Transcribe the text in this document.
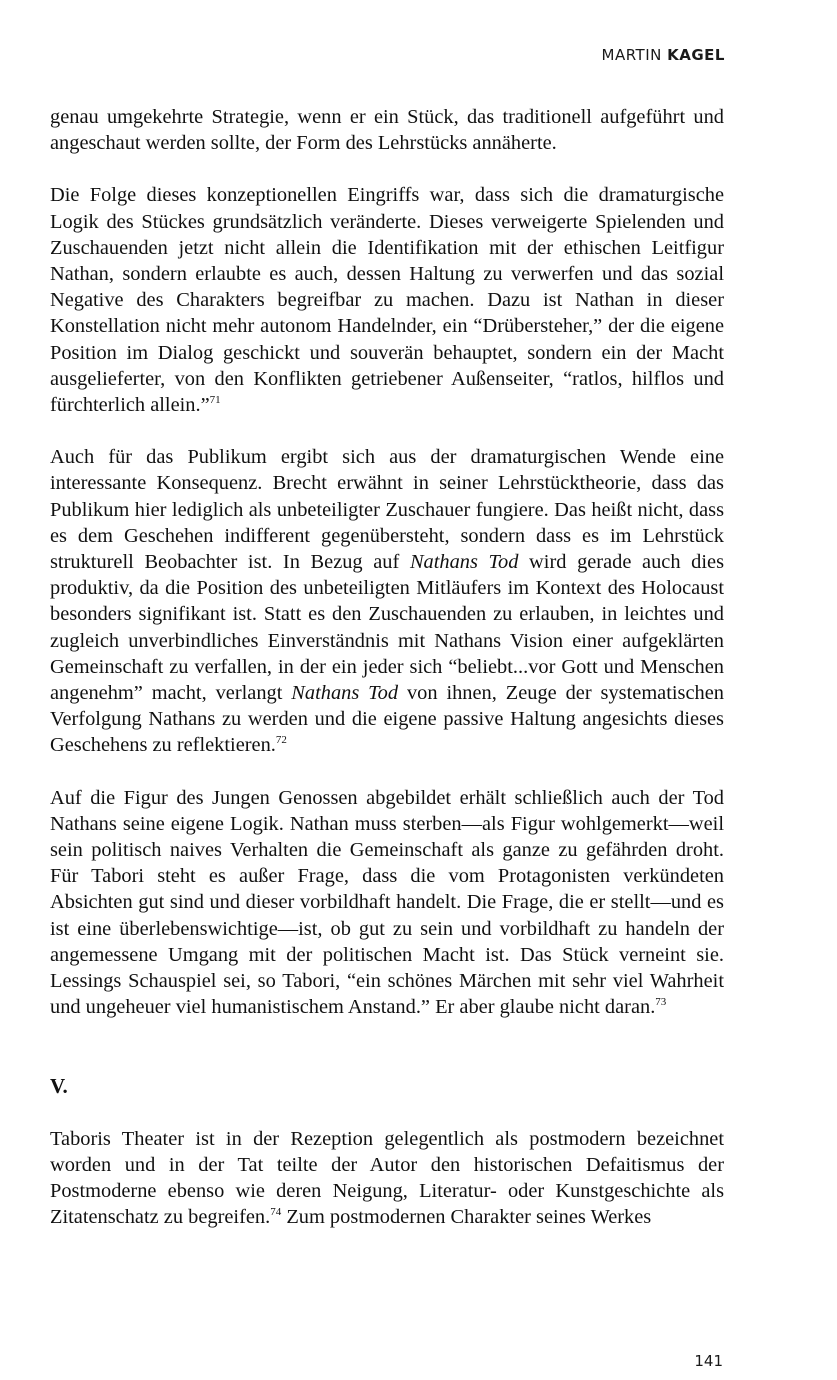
MARTIN KAGEL

genau umgekehrte Strategie, wenn er ein Stück, das traditionell aufgeführt und angeschaut werden sollte, der Form des Lehrstücks annäherte.

Die Folge dieses konzeptionellen Eingriffs war, dass sich die dramaturgische Logik des Stückes grundsätzlich veränderte. Dieses verweigerte Spielenden und Zuschauenden jetzt nicht allein die Identifikation mit der ethischen Leitfigur Nathan, sondern erlaubte es auch, dessen Haltung zu verwerfen und das sozial Negative des Charakters begreifbar zu machen. Dazu ist Nathan in dieser Konstellation nicht mehr autonom Handelnder, ein “Drübersteher,” der die eigene Position im Dialog geschickt und souverän behauptet, sondern ein der Macht ausgelieferter, von den Konflikten getriebener Außenseiter, “ratlos, hilflos und fürchterlich allein.”$^{71}$

Auch für das Publikum ergibt sich aus der dramaturgischen Wende eine interessante Konsequenz. Brecht erwähnt in seiner Lehrstücktheorie, dass das Publikum hier lediglich als unbeteiligter Zuschauer fungiere. Das heißt nicht, dass es dem Geschehen indifferent gegenübersteht, sondern dass es im Lehrstück strukturell Beobachter ist. In Bezug auf Nathans Tod wird gerade auch dies produktiv, da die Position des unbeteiligten Mitläufers im Kontext des Holocaust besonders signifikant ist. Statt es den Zuschauenden zu erlauben, in leichtes und zugleich unverbindliches Einverständnis mit Nathans Vision einer aufgeklärten Gemeinschaft zu verfallen, in der ein jeder sich “beliebt...vor Gott und Menschen angenehm” macht, verlangt Nathans Tod von ihnen, Zeuge der systematischen Verfolgung Nathans zu werden und die eigene passive Haltung angesichts dieses Geschehens zu reflektieren.$^{72}$

Auf die Figur des Jungen Genossen abgebildet erhält schließlich auch der Tod Nathans seine eigene Logik. Nathan muss sterben—als Figur wohlgemerkt—weil sein politisch naives Verhalten die Gemeinschaft als ganze zu gefährden droht. Für Tabori steht es außer Frage, dass die vom Protagonisten verkündeten Absichten gut sind und dieser vorbildhaft handelt. Die Frage, die er stellt—und es ist eine überlebenswichtige—ist, ob gut zu sein und vorbildhaft zu handeln der angemessene Umgang mit der politischen Macht ist. Das Stück verneint sie. Lessings Schauspiel sei, so Tabori, “ein schönes Märchen mit sehr viel Wahrheit und ungeheuer viel humanistischem Anstand.” Er aber glaube nicht daran.$^{73}$

V.

Taboris Theater ist in der Rezeption gelegentlich als postmodern bezeichnet worden und in der Tat teilte der Autor den historischen Defaitismus der Postmoderne ebenso wie deren Neigung, Literatur- oder Kunstgeschichte als Zitatenschatz zu begreifen.$^{74}$ Zum postmodernen Charakter seines Werkes

141
